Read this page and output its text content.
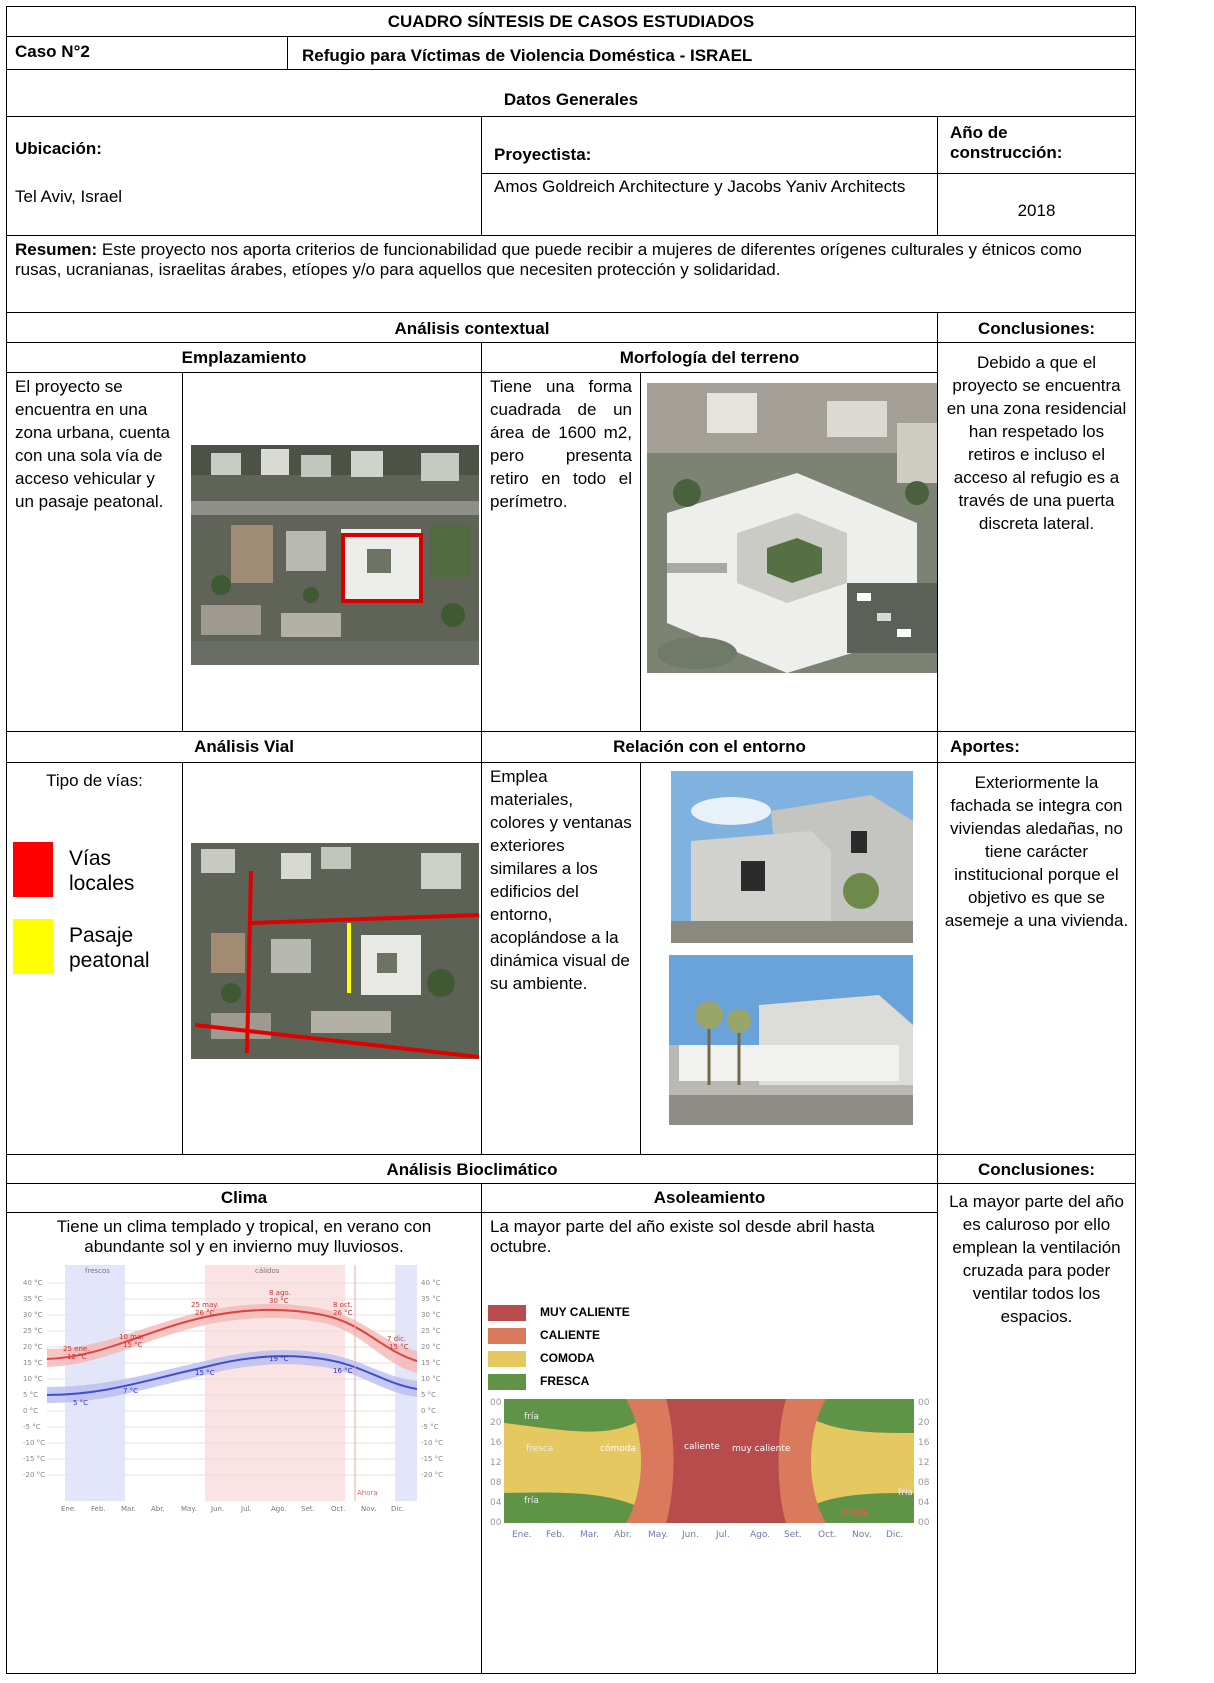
CUADRO SÍNTESIS DE CASOS ESTUDIADOS
Caso N°2	Refugio para Víctimas de Violencia Doméstica - ISRAEL
Datos Generales
Ubicación:
Tel Aviv, Israel
Proyectista:
Amos Goldreich Architecture y Jacobs Yaniv Architects
Año de construcción:
2018
Resumen: Este proyecto nos aporta criterios de funcionabilidad que puede recibir a mujeres de diferentes orígenes culturales y étnicos como rusas, ucranianas, israelitas árabes, etíopes y/o para aquellos que necesiten protección y solidaridad.
Análisis contextual	Conclusiones:
Emplazamiento	Morfología del terreno
El proyecto se encuentra en una zona urbana, cuenta con una sola vía de acceso vehicular y un pasaje peatonal.
Tiene una forma cuadrada de un área de 1600 m2, pero presenta retiro en todo el perímetro.
Debido a que el proyecto se encuentra en una zona residencial han respetado los retiros e incluso el acceso al refugio es a través de una puerta discreta lateral.
Análisis Vial	Relación con el entorno	Aportes:
Tipo de vías:
Vías locales
Pasaje peatonal
Emplea materiales, colores y ventanas exteriores similares a los edificios del entorno, acoplándose a la dinámica visual de su ambiente.
Exteriormente la fachada se integra con viviendas aledañas, no tiene carácter institucional porque el objetivo es que se asemeje a una vivienda.
Análisis Bioclimático	Conclusiones:
Clima	Asoleamiento
Tiene un clima templado y tropical, en verano con abundante sol y en invierno muy lluviosos.
frescos	cálidos
Ahora
40 °C
35 °C
30 °C
25 °C
20 °C
15 °C
10 °C
5 °C
0 °C
-5 °C
-10 °C
-15 °C
-20 °C
40 °C
35 °C
30 °C
25 °C
20 °C
15 °C
10 °C
5 °C
0 °C
-5 °C
-10 °C
-15 °C
-20 °C
25 ene.
12 °C
10 mar
15 °C
25 may.
26 °C
8 ago.
30 °C	8 oct.
26 °C
7 dic.
15 °C
5 °C
7 °C
15 °C
19 °C
16 °C
Ene. Feb. Mar. Abr. May. Jun. Jul.	Ago. Set. Oct. Nov. Dic.
La mayor parte del año existe sol desde abril hasta octubre.
MUY CALIENTE
CALIENTE
COMODA
FRESCA
fría
fresca	cómoda	caliente muy caliente
fría
fría
Ahora
00
20
16
12
08
04
00
00
20
16
12
08
04
00
Ene. Feb. Mar. Abr. May. Jun. Jul. Ago. Set. Oct. Nov. Dic.
La mayor parte del año es caluroso por ello emplean la ventilación cruzada para poder ventilar todos los espacios.
